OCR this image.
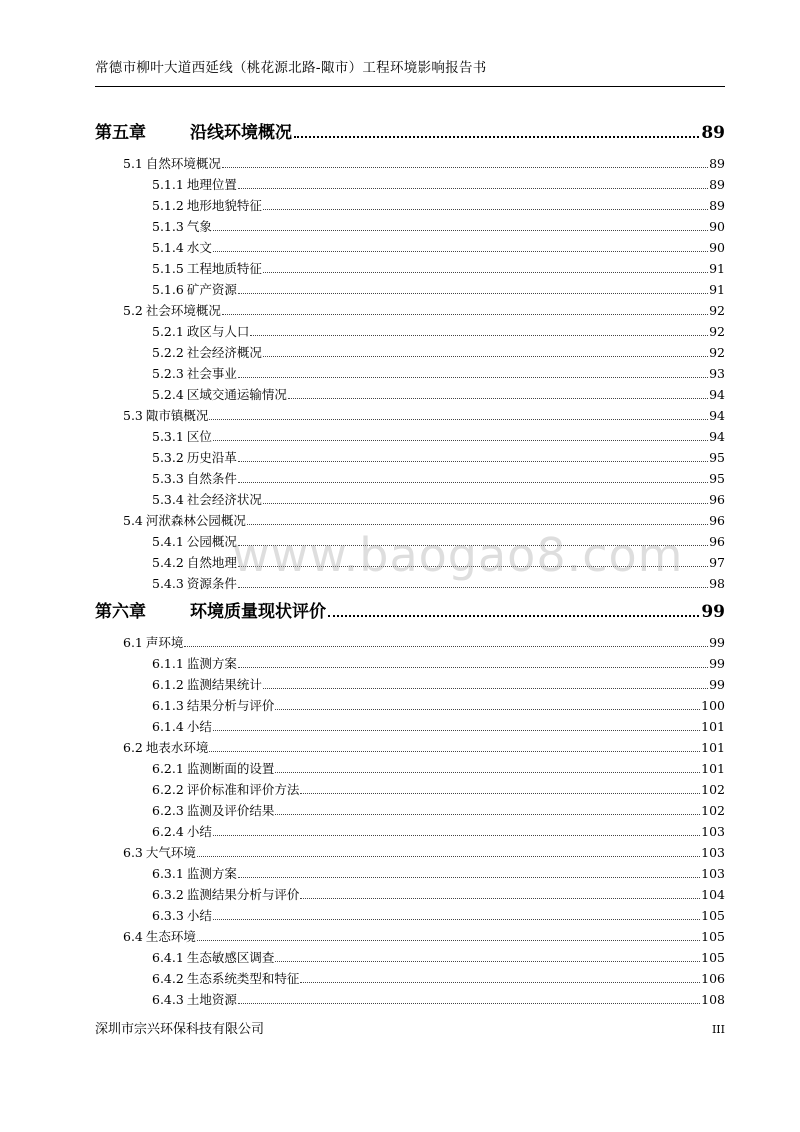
常德市柳叶大道西延线（桃花源北路-陬市）工程环境影响报告书
第五章	沿线环境概况	89
5.1 自然环境概况	89
5.1.1 地理位置	89
5.1.2 地形地貌特征	89
5.1.3 气象	90
5.1.4 水文	90
5.1.5 工程地质特征	91
5.1.6 矿产资源	91
5.2 社会环境概况	92
5.2.1 政区与人口	92
5.2.2 社会经济概况	92
5.2.3 社会事业	93
5.2.4 区域交通运输情况	94
5.3 陬市镇概况	94
5.3.1 区位	94
5.3.2 历史沿革	95
5.3.3 自然条件	95
5.3.4 社会经济状况	96
5.4 河洑森林公园概况	96
5.4.1 公园概况	96
5.4.2 自然地理	97
5.4.3 资源条件	98
第六章	环境质量现状评价	99
6.1 声环境	99
6.1.1 监测方案	99
6.1.2 监测结果统计	99
6.1.3 结果分析与评价	100
6.1.4 小结	101
6.2 地表水环境	101
6.2.1 监测断面的设置	101
6.2.2 评价标准和评价方法	102
6.2.3 监测及评价结果	102
6.2.4 小结	103
6.3 大气环境	103
6.3.1 监测方案	103
6.3.2 监测结果分析与评价	104
6.3.3 小结	105
6.4 生态环境	105
6.4.1 生态敏感区调查	105
6.4.2 生态系统类型和特征	106
6.4.3 土地资源	108
www.baogao8.com
深圳市宗兴环保科技有限公司	III
